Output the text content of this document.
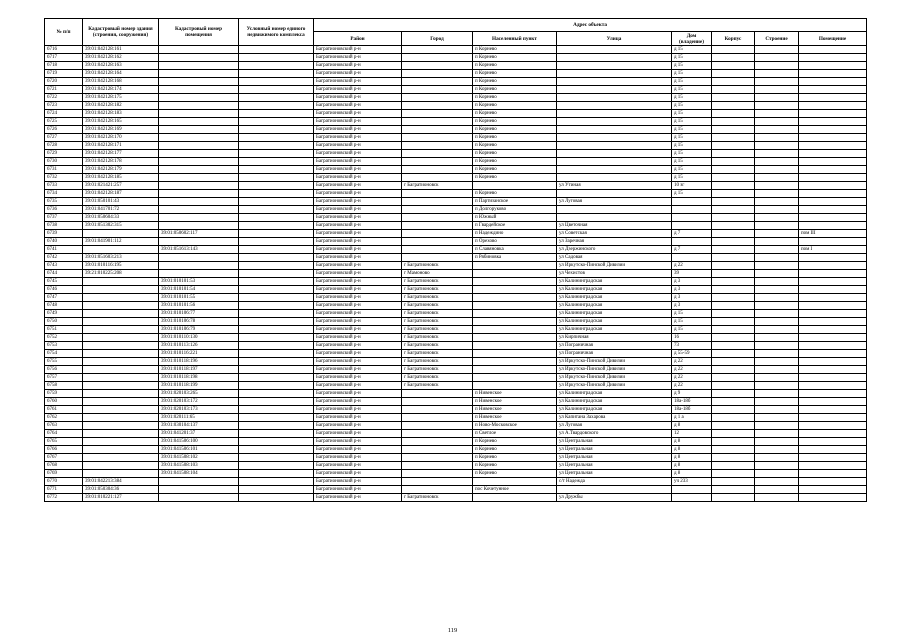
№ п/п	Кадастровый номер здания (строения, сооружения)	Кадастровый номер помещения	Условный номер единого недвижимого комплекса	Адрес объекта							
				Район	Город	Населенный пункт	Улица	Дом (владение)	Корпус	Строение	Помещение
6716	39:01:042128:161			Багратионовский р-н		п Корнево		д 15			
6717	39:01:042128:162			Багратионовский р-н		п Корнево		д 15			
6718	39:01:042128:163			Багратионовский р-н		п Корнево		д 15			
6719	39:01:042128:164			Багратионовский р-н		п Корнево		д 15			
6720	39:01:042128:168			Багратионовский р-н		п Корнево		д 15			
6721	39:01:042128:174			Багратионовский р-н		п Корнево		д 15			
6722	39:01:042128:175			Багратионовский р-н		п Корнево		д 15			
6723	39:01:042128:182			Багратионовский р-н		п Корнево		д 15			
6724	39:01:042128:183			Багратионовский р-н		п Корнево		д 15			
6725	39:01:042128:165			Багратионовский р-н		п Корнево		д 15			
6726	39:01:042128:169			Багратионовский р-н		п Корнево		д 15			
6727	39:01:042128:170			Багратионовский р-н		п Корнево		д 15			
6728	39:01:042128:171			Багратионовский р-н		п Корнево		д 15			
6729	39:01:042128:177			Багратионовский р-н		п Корнево		д 15			
6730	39:01:042128:178			Багратионовский р-н		п Корнево		д 15			
6731	39:01:042128:179			Багратионовский р-н		п Корнево		д 15			
6732	39:01:042128:185			Багратионовский р-н		п Корнево		д 15			
6733	39:01:021421:257			Багратионовский р-н	г Багратионовск		ул Утиная	10 зг			
6734	39:01:042128:187			Багратионовский р-н		п Корнево		д 15			
6735	39:01:050101:43			Багратионовский р-н		п Партизанское	ул Луговая				
6736	39:01:041701:72			Багратионовский р-н		п Долгоруково					
6737	39:01:050604:33			Багратионовский р-н		п Южный					
6738	39:01:051302:315			Багратионовский р-н		п Гвардейское	ул Цветочная				
6739		39:01:050602:117		Багратионовский р-н		п Надеждино	ул Советская	д 7			пом III
6740	39:01:041901:112			Багратионовский р-н		п Орехово	ул Заречная				
6741		39:01:051613:143		Багратионовский р-н		п Славяновка	ул Дзержинского	д 7			пом I
6742	39:01:051603:213			Багратионовский р-н		п Рябиновка	ул Садовая				
6743	39:01:010116:195			Багратионовский р-н	г Багратионовск		ул Иркутско-Пинской Дивизии	д 22			
6744	39:21:010225:208			Багратионовский р-н	г Мамоново		ул Чехистов	39			
6745		39:01:010101:53		Багратионовский р-н	г Багратионовск		ул Калининградская	д 3			
6746		39:01:010101:54		Багратионовский р-н	г Багратионовск		ул Калининградская	д 3			
6747		39:01:010101:55		Багратионовский р-н	г Багратионовск		ул Калининградская	д 3			
6748		39:01:010101:56		Багратионовский р-н	г Багратионовск		ул Калининградская	д 3			
6749		39:01:010106:77		Багратионовский р-н	г Багратионовск		ул Калининградская	д 15			
6750		39:01:010106:78		Багратионовский р-н	г Багратионовск		ул Калининградская	д 15			
6751		39:01:010106:79		Багратионовский р-н	г Багратионовск		ул Калининградская	д 15			
6752		39:01:010110:130		Багратионовский р-н	г Багратионовск		ул Кирпичная	16			
6753		39:01:010113:126		Багратионовский р-н	г Багратионовск		ул Пограничная	73			
6754		39:01:010116:221		Багратионовский р-н	г Багратионовск		ул Пограничная	д 55-59			
6755		39:01:010118:196		Багратионовский р-н	г Багратионовск		ул Иркутско-Пинской Дивизии	д 22			
6756		39:01:010118:197		Багратионовский р-н	г Багратионовск		ул Иркутско-Пинской Дивизии	д 22			
6757		39:01:010118:198		Багратионовский р-н	г Багратионовск		ул Иркутско-Пинской Дивизии	д 22			
6758		39:01:010118:199		Багратионовский р-н	г Багратионовск		ул Иркутско-Пинской Дивизии	д 22			
6759		39:01:020103:265		Багратионовский р-н		п Нивенское	ул Калининградская	д 9			
6760		39:01:020103:172		Багратионовский р-н		п Нивенское	ул Калининградская	18а-18б			
6761		39:01:020103:173		Багратионовский р-н		п Нивенское	ул Калининградская	18а-18б			
6762		39:01:020111:65		Багратионовский р-н		п Нивенское	ул Капитана Захарова	д 1 а			
6763		39:01:030104:137		Багратионовский р-н		п Ново-Московское	ул Луговая	д 8			
6764		39:01:041201:37		Багратионовский р-н		п Светлое	ул А.Твардовского	12			
6765		39:01:041506:100		Багратионовский р-н		п Корнево	ул Центральная	д 8			
6766		39:01:041506:101		Багратионовский р-н		п Корнево	ул Центральная	д 8			
6767		39:01:041508:102		Багратионовский р-н		п Корнево	ул Центральная	д 8			
6768		39:01:041508:103		Багратионовский р-н		п Корнево	ул Центральная	д 8			
6769		39:01:041508:104		Багратионовский р-н		п Корнево	ул Центральная	д 8			
6770	39:01:042213:384			Багратионовский р-н			с/т Надежда	уч 233			
6771	39:01:050304:36			Багратионовский р-н		пос Кочетунное					
6772	39:01:010221:127			Багратионовский р-н	г Багратионовск		ул Дружбы				
119
